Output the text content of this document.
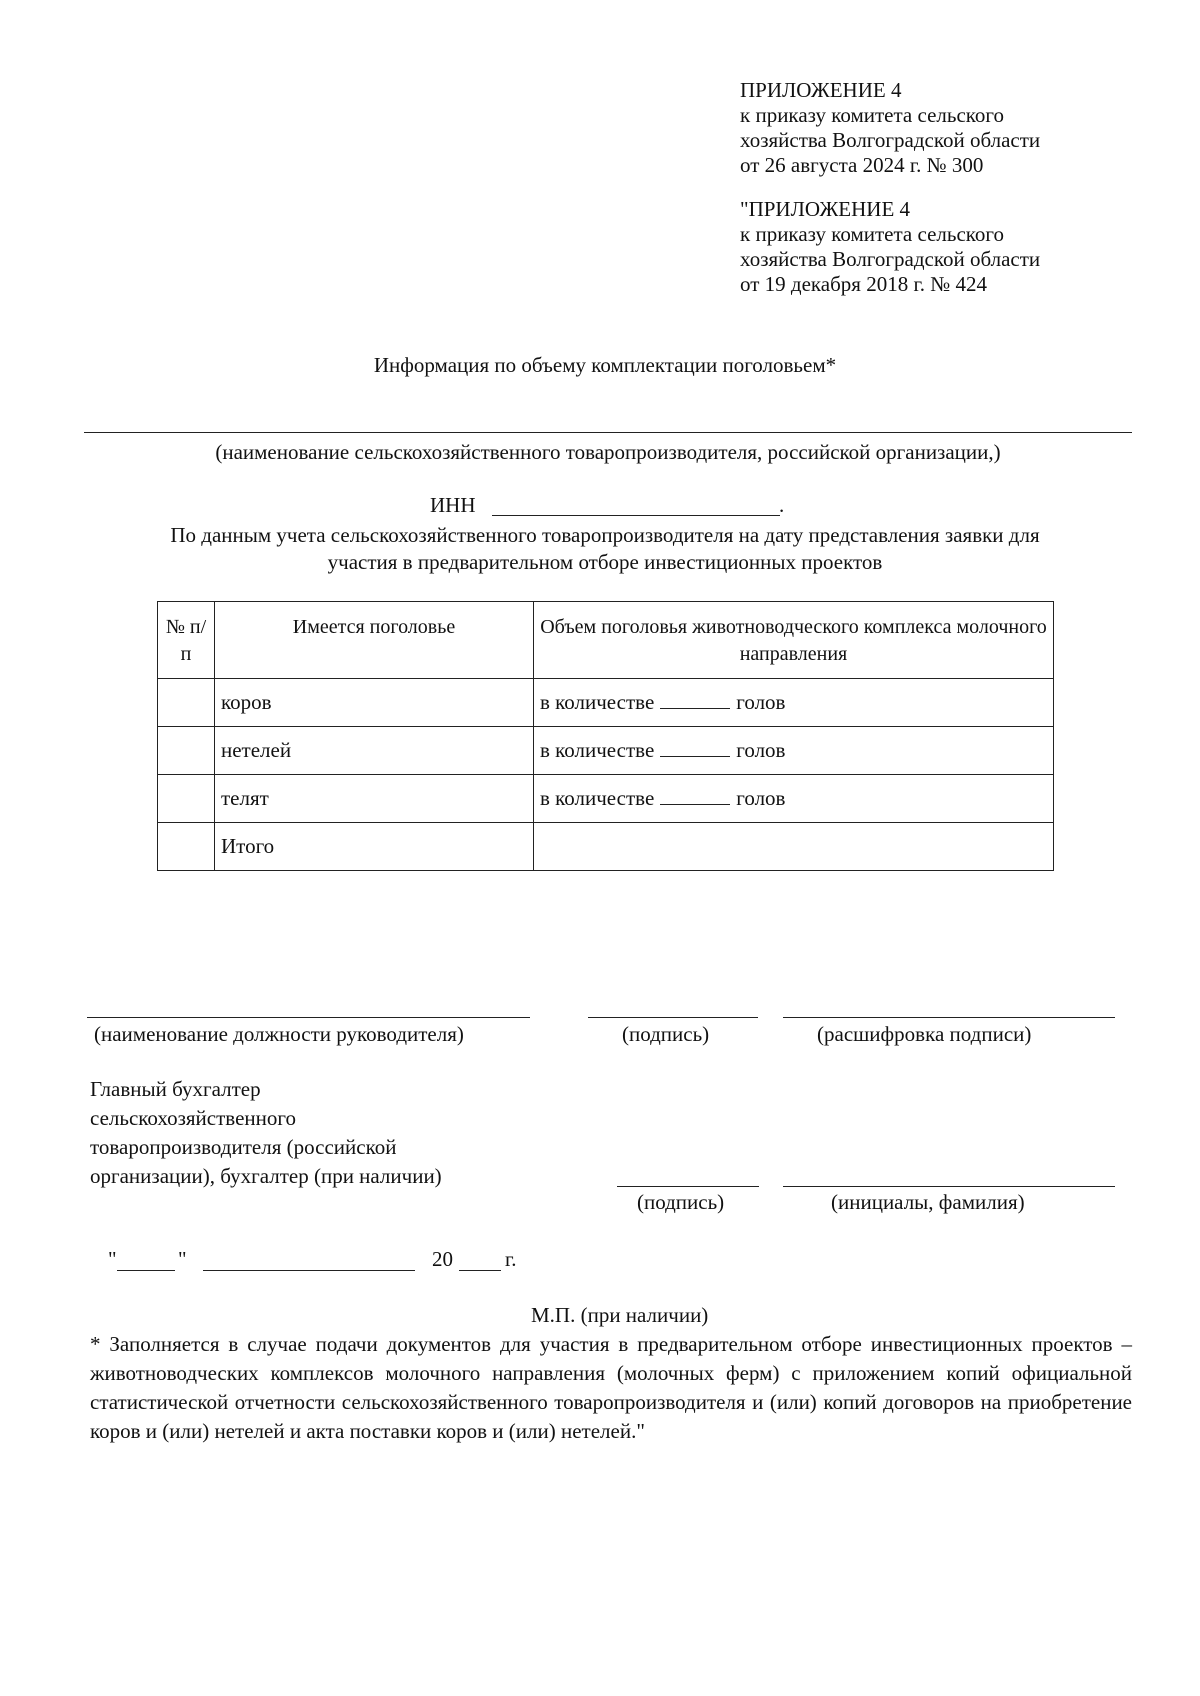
ПРИЛОЖЕНИЕ 4
к приказу комитета сельского
хозяйства Волгоградской области
от 26 августа 2024 г. № 300
"ПРИЛОЖЕНИЕ 4
к приказу комитета сельского
хозяйства Волгоградской области
от 19 декабря 2018 г. № 424
Информация по объему комплектации поголовьем*
(наименование сельскохозяйственного товаропроизводителя, российской организации,)
ИНН	.
По данным учета сельскохозяйственного товаропроизводителя на дату представления заявки для
участия в предварительном отборе инвестиционных проектов
№ п/п	Имеется поголовье	Объем поголовья животноводческого комплекса молочного направления
	коров	в количестве голов
	нетелей	в количестве голов
	телят	в количестве голов
	Итого	
(наименование должности руководителя)	(подпись)	(расшифровка подписи)
Главный бухгалтер
сельскохозяйственного
товаропроизводителя (российской
организации), бухгалтер (при наличии)
(подпись)	(инициалы, фамилия)
"	"	20 г.
М.П. (при наличии)
* Заполняется в случае подачи документов для участия в предварительном отборе инвестиционных проектов – животноводческих комплексов молочного направления (молочных ферм) с приложением копий официальной статистической отчетности сельскохозяйственного товаропроизводителя и (или) копий договоров на приобретение коров и (или) нетелей и акта поставки коров и (или) нетелей."
